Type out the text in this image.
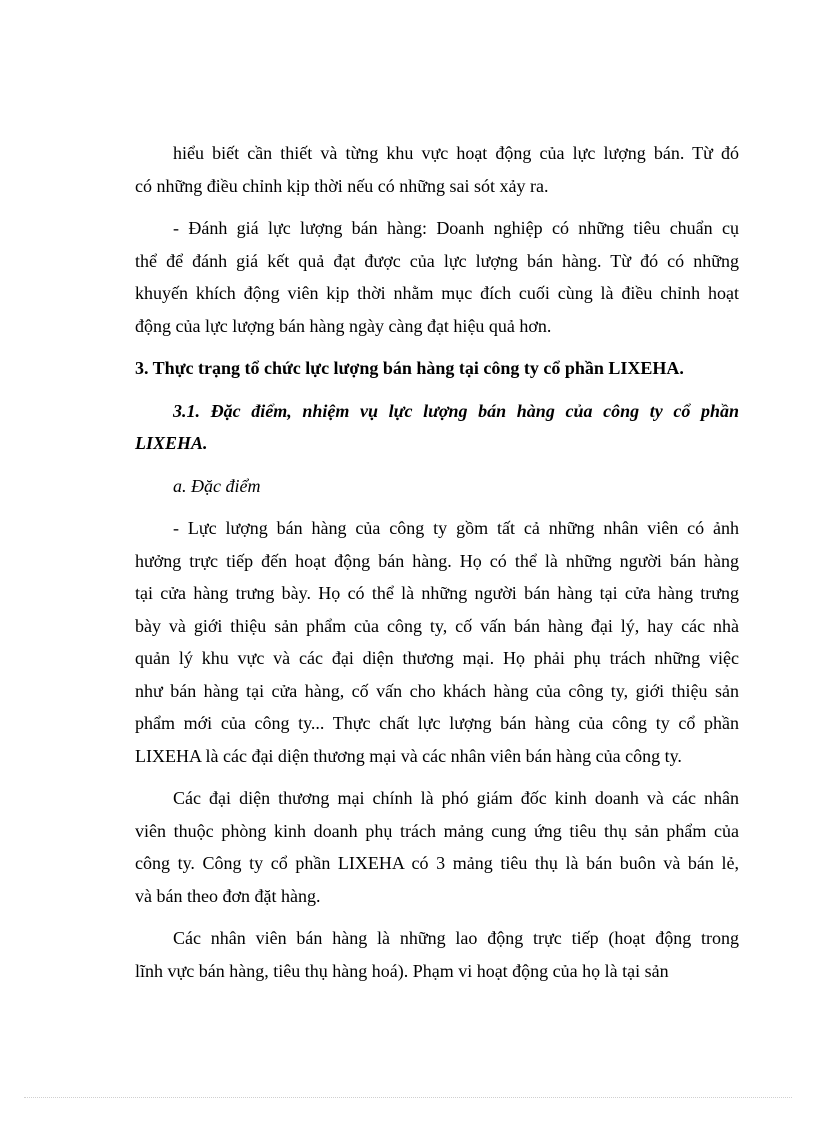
hiểu biết cần thiết và từng khu vực hoạt động của lực lượng bán. Từ đó

có những điều chỉnh kịp thời nếu có những sai sót xảy ra.

- Đánh giá lực lượng bán hàng: Doanh nghiệp có những tiêu chuẩn cụ

thể để đánh giá kết quả đạt được của lực lượng bán hàng. Từ đó có những

khuyến khích động viên kịp thời nhằm mục đích cuối cùng là điều chỉnh hoạt

động của lực lượng bán hàng ngày càng đạt hiệu quả hơn.

3. Thực trạng tổ chức lực lượng bán hàng tại công ty cổ phần LIXEHA.

3.1. Đặc điểm, nhiệm vụ lực lượng bán hàng của công ty cổ phần

LIXEHA.

a. Đặc điểm

- Lực lượng bán hàng của công ty gồm tất cả những nhân viên có ảnh

hưởng trực tiếp đến hoạt động bán hàng. Họ có thể là những người bán hàng

tại cửa hàng trưng bày. Họ có thể là những người bán hàng tại cửa hàng trưng

bày và giới thiệu sản phẩm của công ty, cố vấn bán hàng đại lý, hay các nhà

quản lý khu vực và các đại diện thương mại. Họ phải phụ trách những việc

như bán hàng tại cửa hàng, cố vấn cho khách hàng của công ty, giới thiệu sản

phẩm mới của công ty... Thực chất lực lượng bán hàng của công ty cổ phần

LIXEHA là các đại diện thương mại và các nhân viên bán hàng của công ty.

Các đại diện thương mại chính là phó giám đốc kinh doanh và các nhân

viên thuộc phòng kinh doanh phụ trách mảng cung ứng tiêu thụ sản phẩm của

công ty. Công ty cổ phần LIXEHA có 3 mảng tiêu thụ là bán buôn và bán lẻ,

và bán theo đơn đặt hàng.

Các nhân viên bán hàng là những lao động trực tiếp (hoạt động trong

lĩnh vực bán hàng, tiêu thụ hàng hoá). Phạm vi hoạt động của họ là tại sản
